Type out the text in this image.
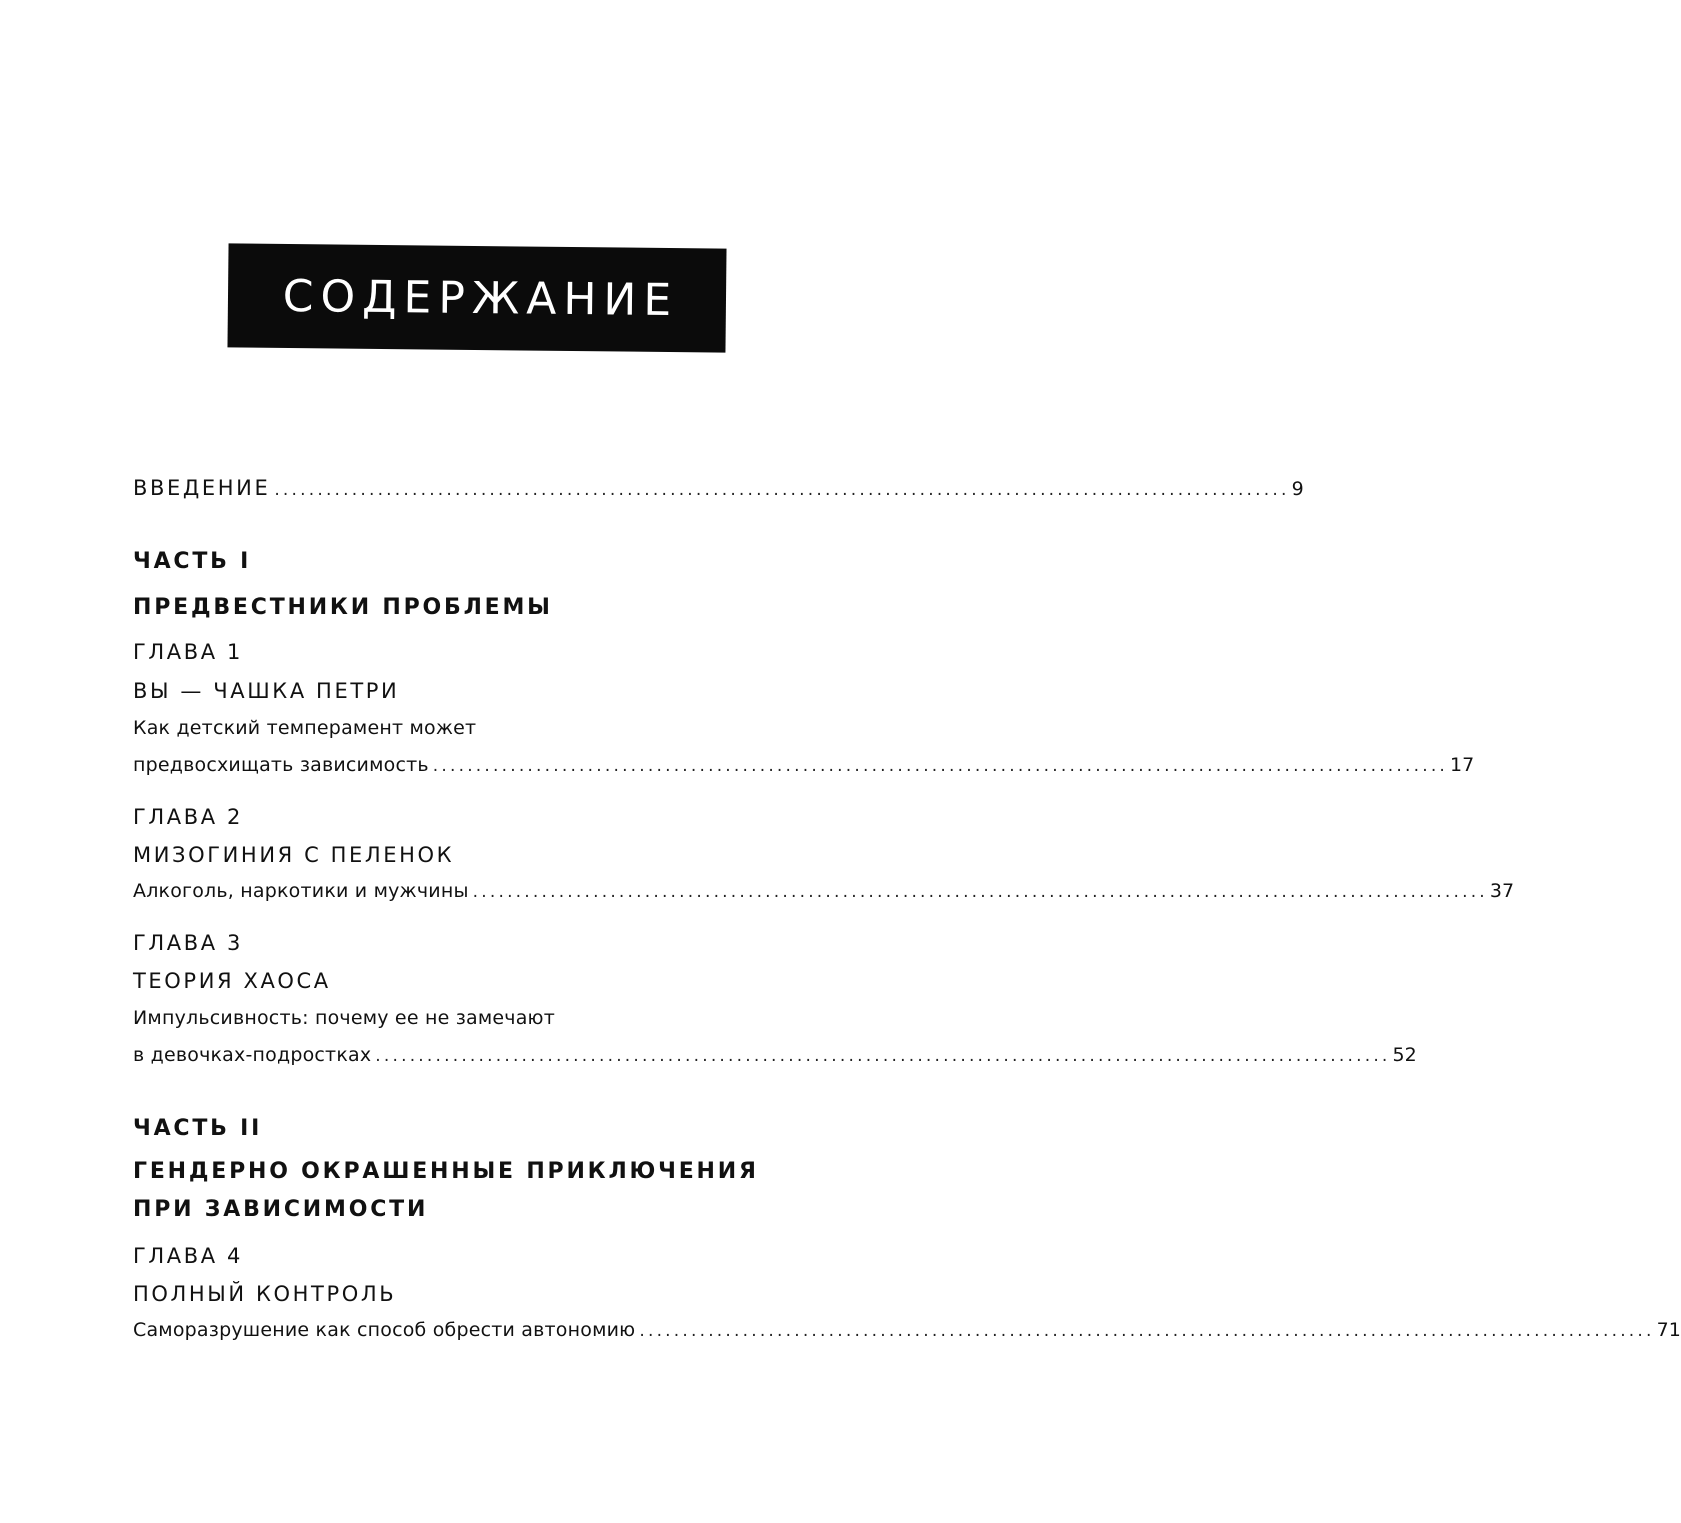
СОДЕРЖАНИЕ
ВВЕДЕНИЕ ...................................................................................................................... 9
ЧАСТЬ I
ПРЕДВЕСТНИКИ ПРОБЛЕМЫ
ГЛАВА 1
ВЫ — ЧАШКА ПЕТРИ
Как детский темперамент может
предвосхищать зависимость ...................................................................................................................... 17
ГЛАВА 2
МИЗОГИНИЯ С ПЕЛЕНОК
Алкоголь, наркотики и мужчины ...................................................................................................................... 37
ГЛАВА 3
ТЕОРИЯ ХАОСА
Импульсивность: почему ее не замечают
в девочках-подростках ...................................................................................................................... 52
ЧАСТЬ II
ГЕНДЕРНО ОКРАШЕННЫЕ ПРИКЛЮЧЕНИЯ
ПРИ ЗАВИСИМОСТИ
ГЛАВА 4
ПОЛНЫЙ КОНТРОЛЬ
Саморазрушение как способ обрести автономию ...................................................................................................................... 71
